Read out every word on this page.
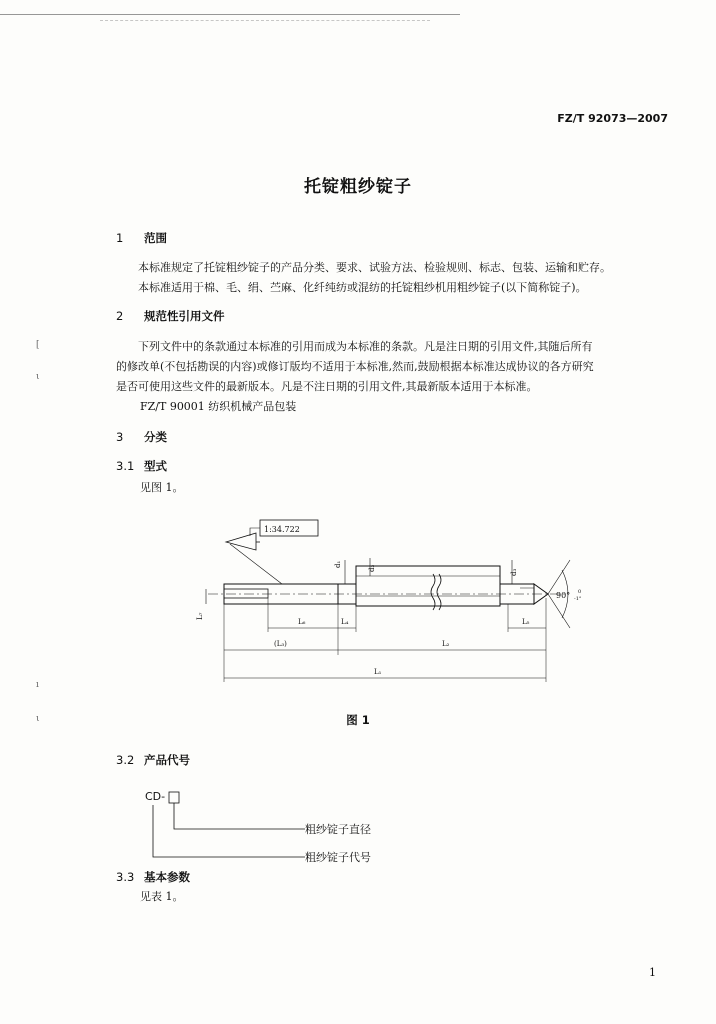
[
ι
ı
ι
FZ/T 92073—2007
托锭粗纱锭子
1 范围
本标准规定了托锭粗纱锭子的产品分类、要求、试验方法、检验规则、标志、包装、运输和贮存。
本标准适用于棉、毛、绢、苎麻、化纤纯纺或混纺的托锭粗纱机用粗纱锭子(以下简称锭子)。
2 规范性引用文件
下列文件中的条款通过本标准的引用而成为本标准的条款。凡是注日期的引用文件,其随后所有
的修改单(不包括勘误的内容)或修订版均不适用于本标准,然而,鼓励根据本标准达成协议的各方研究
是否可使用这些文件的最新版本。凡是不注日期的引用文件,其最新版本适用于本标准。
FZ/T 90001 纺织机械产品包装
3 分类
3.1 型式
见图 1。
1:34.722
90° 0
-1°
d₁
d₂
d₃
L₇
L₆	L₄	L₅
(L₃)	L₂
L₁
图 1
3.2 产品代号
CD-
粗纱锭子直径
粗纱锭子代号
3.3 基本参数
见表 1。
1
